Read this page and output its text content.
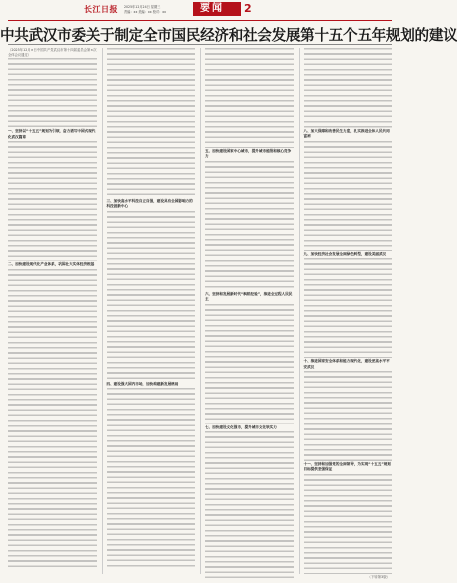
长江日报 2025年12月24日 星期三
责编：xx 美编：xx 校对：xx	要闻 2
中共武汉市委关于制定全市国民经济和社会发展第十五个五年规划的建议

（2025年12月×日中国共产党武汉市第十四届委员会第×次全体会议通过）

一、坚持以“十五五”规划为引领，奋力谱写中国式现代化武汉篇章

二、加快建设现代化产业体系，巩固壮大实体经济根基

三、加快高水平科技自立自强，建设具有全国影响力的科技创新中心

四、建设强大国内市场，加快构建新发展格局

五、加快建设国家中心城市，提升城市能级和核心竞争力

六、坚持和发展新时代“枫桥经验”，推进全过程人民民主

七、加快建设文化强市，提升城市文化软实力

八、加大保障和改善民生力度，扎实推进全体人民共同富裕

九、加快经济社会发展全面绿色转型，建设美丽武汉

十、推进国家安全体系和能力现代化，建设更高水平平安武汉

十一、坚持和加强党的全面领导，为实现“十五五”规划目标提供坚强保证

（下转第3版）
